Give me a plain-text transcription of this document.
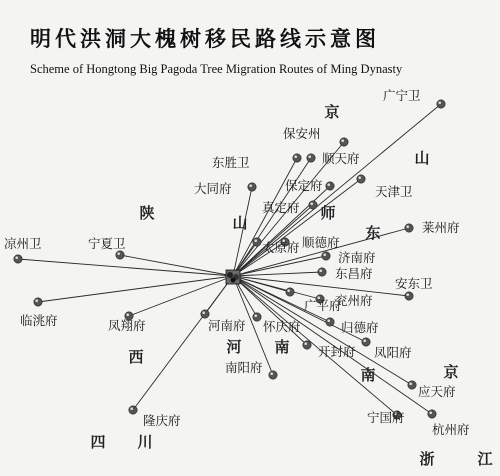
明代洪洞大槐树移民路线示意图
Scheme of Hongtong Big Pagoda Tree Migration Routes of Ming Dynasty
京
山
陕
山
师
东
西
河 南
南	京
四 川
浙	江
广宁卫
保安州
东胜卫	顺天府
大同府	保定府	天津卫
真定府
莱州府
太原府 顺德府
济南府
凉州卫	宁夏卫
东昌府
安东卫
广平府
兖州府
临洮府	凤翔府	河南府 怀庆府	归德府
开封府 凤阳府
南阳府
应天府
宁国府
杭州府
隆庆府
